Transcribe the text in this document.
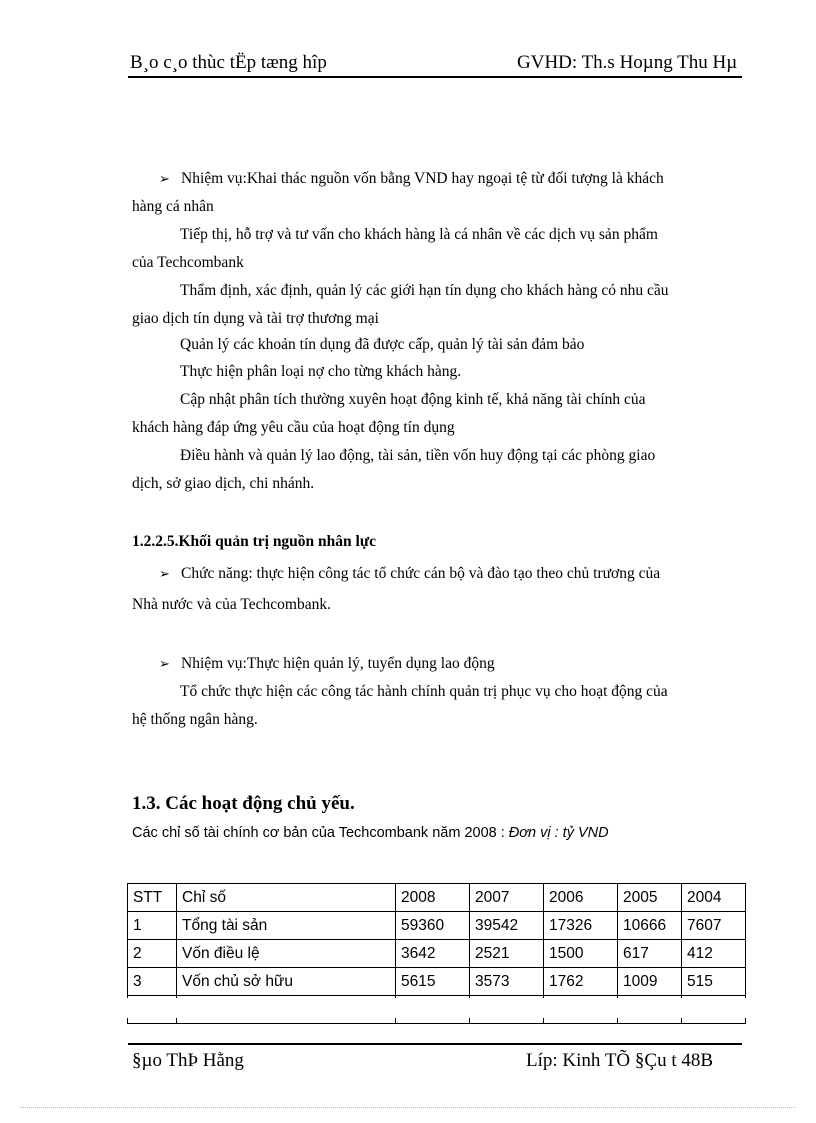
B¸o c¸o thùc tËp tæng hîp	GVHD: Th.s Hoµng Thu Hµ
➢ Nhiệm vụ:Khai thác nguồn vốn bằng VND hay ngoại tệ từ đối tượng là khách
hàng cá nhân
Tiếp thị, hỗ trợ và tư vấn cho khách hàng là cá nhân về các dịch vụ sản phẩm
của Techcombank
Thẩm định, xác định, quản lý các giới hạn tín dụng cho khách hàng có nhu cầu
giao dịch tín dụng và tài trợ thương mại
Quản lý các khoản tín dụng đã được cấp, quản lý tài sản đảm bảo
Thực hiện phân loại nợ cho từng khách hàng.
Cập nhật phân tích thường xuyên hoạt động kinh tế, khả năng tài chính của
khách hàng đáp ứng yêu cầu của hoạt động tín dụng
Điều hành và quản lý lao động, tài sản, tiền vốn huy động tại các phòng giao
dịch, sở giao dịch, chi nhánh.
1.2.2.5.Khối quản trị nguồn nhân lực
➢ Chức năng: thực hiện công tác tổ chức cán bộ và đào tạo theo chủ trương của
Nhà nước và của Techcombank.
➢ Nhiệm vụ:Thực hiện quản lý, tuyển dụng lao động
Tổ chức thực hiện các công tác hành chính quản trị phục vụ cho hoạt động của
hệ thống ngân hàng.
1.3. Các hoạt động chủ yếu.
Các chỉ số tài chính cơ bản của Techcombank năm 2008 : Đơn vị : tỷ VND
STT	Chỉ số	2008	2007	2006	2005	2004
1	Tổng tài sản	59360	39542	17326	10666	7607
2	Vốn điều lệ	3642	2521	1500	617	412
3	Vốn chủ sở hữu	5615	3573	1762	1009	515

§µo ThÞ Hằng	Líp: Kinh TÕ §Çu t 48B
